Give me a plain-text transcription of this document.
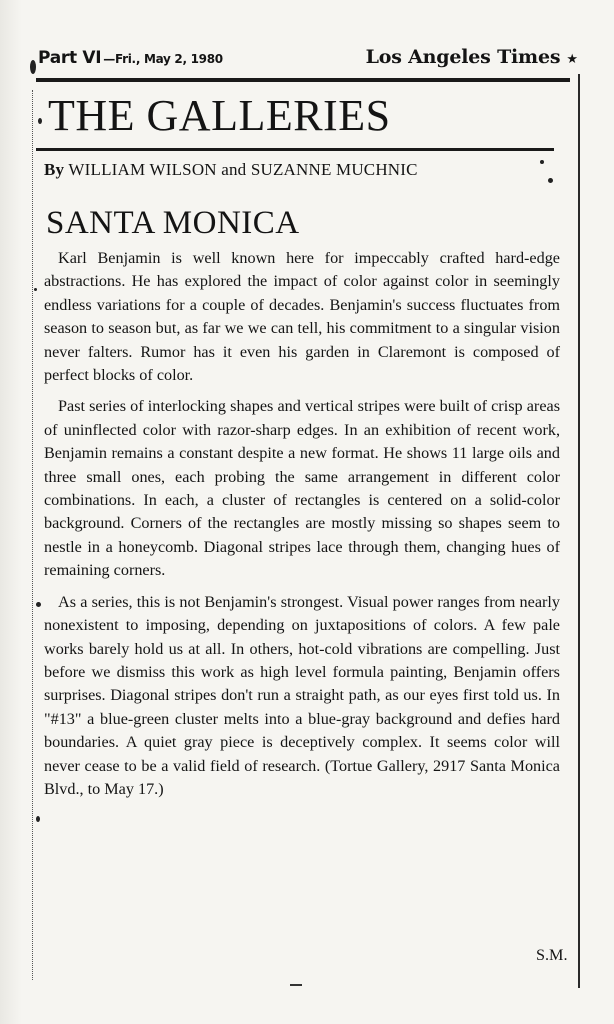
Part VI —Fri., May 2, 1980	Los Angeles Times ★
THE GALLERIES
By WILLIAM WILSON and SUZANNE MUCHNIC
SANTA MONICA

Karl Benjamin is well known here for impeccably crafted hard-edge abstractions. He has explored the impact of color against color in seemingly endless variations for a couple of decades. Benjamin's success fluctuates from season to season but, as far we we can tell, his commitment to a singular vision never falters. Rumor has it even his garden in Claremont is composed of perfect blocks of color.

Past series of interlocking shapes and vertical stripes were built of crisp areas of uninflected color with razor-sharp edges. In an exhibition of recent work, Benjamin remains a constant despite a new format. He shows 11 large oils and three small ones, each probing the same arrangement in different color combinations. In each, a cluster of rectangles is centered on a solid-color background. Corners of the rectangles are mostly missing so shapes seem to nestle in a honeycomb. Diagonal stripes lace through them, changing hues of remaining corners.

As a series, this is not Benjamin's strongest. Visual power ranges from nearly nonexistent to imposing, depending on juxtapositions of colors. A few pale works barely hold us at all. In others, hot-cold vibrations are compelling. Just before we dismiss this work as high level formula painting, Benjamin offers surprises. Diagonal stripes don't run a straight path, as our eyes first told us. In "#13" a blue-green cluster melts into a blue-gray background and defies hard boundaries. A quiet gray piece is deceptively complex. It seems color will never cease to be a valid field of research. (Tortue Gallery, 2917 Santa Monica Blvd., to May 17.)

S.M.
